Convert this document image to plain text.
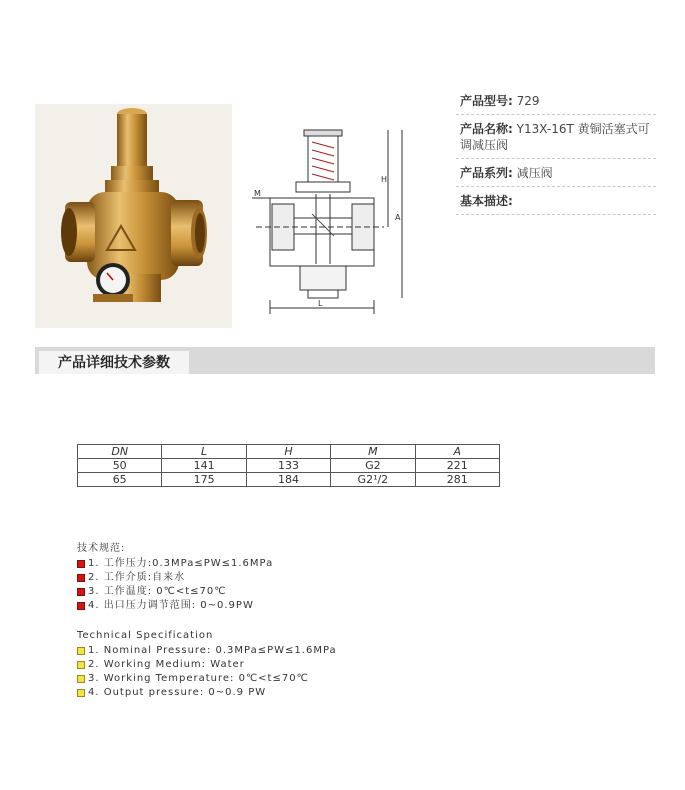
M
H
A
L
产品型号: 729
产品名称: Y13X-16T 黄铜活塞式可调减压阀
产品系列: 减压阀
基本描述:
产品详细技术参数
DN	L	H	M	A
50	141	133	G2	221
65	175	184	G2¹/2	281
技术规范:
1. 工作压力:0.3MPa≤PW≤1.6MPa
2. 工作介质:自来水
3. 工作温度: 0℃<t≤70℃
4. 出口压力调节范围: 0~0.9PW
Technical Specification
1. Nominal Pressure: 0.3MPa≤PW≤1.6MPa
2. Working Medium: Water
3. Working Temperature: 0℃<t≤70℃
4. Output pressure: 0~0.9 PW
